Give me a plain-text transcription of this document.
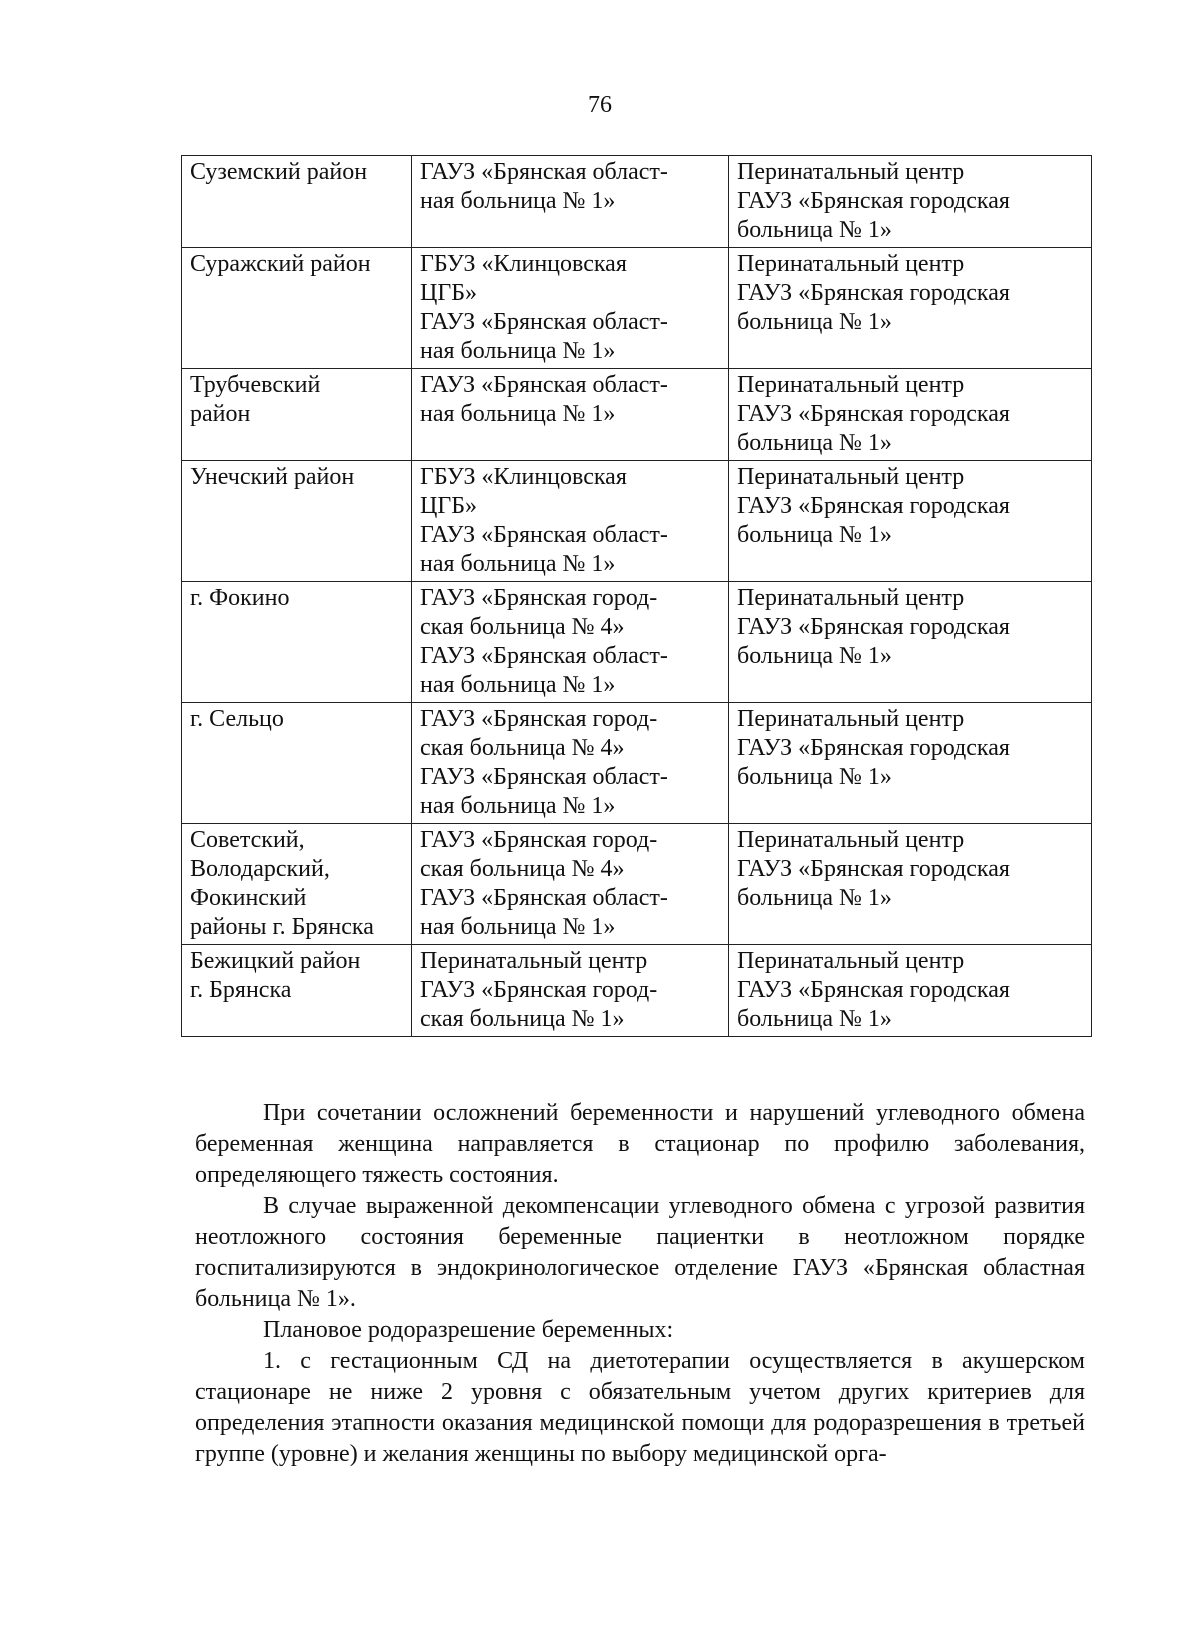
76
Суземский район	ГАУЗ «Брянская област-
ная больница № 1»	Перинатальный центр
ГАУЗ «Брянская городская
больница № 1»
Суражский район	ГБУЗ «Клинцовская
ЦГБ»
ГАУЗ «Брянская област-
ная больница № 1»	Перинатальный центр
ГАУЗ «Брянская городская
больница № 1»
Трубчевский
район	ГАУЗ «Брянская област-
ная больница № 1»	Перинатальный центр
ГАУЗ «Брянская городская
больница № 1»
Унечский район	ГБУЗ «Клинцовская
ЦГБ»
ГАУЗ «Брянская област-
ная больница № 1»	Перинатальный центр
ГАУЗ «Брянская городская
больница № 1»
г. Фокино	ГАУЗ «Брянская город-
ская больница № 4»
ГАУЗ «Брянская област-
ная больница № 1»	Перинатальный центр
ГАУЗ «Брянская городская
больница № 1»
г. Сельцо	ГАУЗ «Брянская город-
ская больница № 4»
ГАУЗ «Брянская област-
ная больница № 1»	Перинатальный центр
ГАУЗ «Брянская городская
больница № 1»
Советский,
Володарский,
Фокинский
районы г. Брянска	ГАУЗ «Брянская город-
ская больница № 4»
ГАУЗ «Брянская област-
ная больница № 1»	Перинатальный центр
ГАУЗ «Брянская городская
больница № 1»
Бежицкий район
г. Брянска	Перинатальный центр
ГАУЗ «Брянская город-
ская больница № 1»	Перинатальный центр
ГАУЗ «Брянская городская
больница № 1»

При сочетании осложнений беременности и нарушений углеводного обмена беременная женщина направляется в стационар по профилю заболевания, определяющего тяжесть состояния.

В случае выраженной декомпенсации углеводного обмена с угрозой развития неотложного состояния беременные пациентки в неотложном порядке госпитализируются в эндокринологическое отделение ГАУЗ «Брянская областная больница № 1».

Плановое родоразрешение беременных:

1. с гестационным СД на диетотерапии осуществляется в акушерском стационаре не ниже 2 уровня с обязательным учетом других критериев для определения этапности оказания медицинской помощи для родоразрешения в третьей группе (уровне) и желания женщины по выбору медицинской орга-
